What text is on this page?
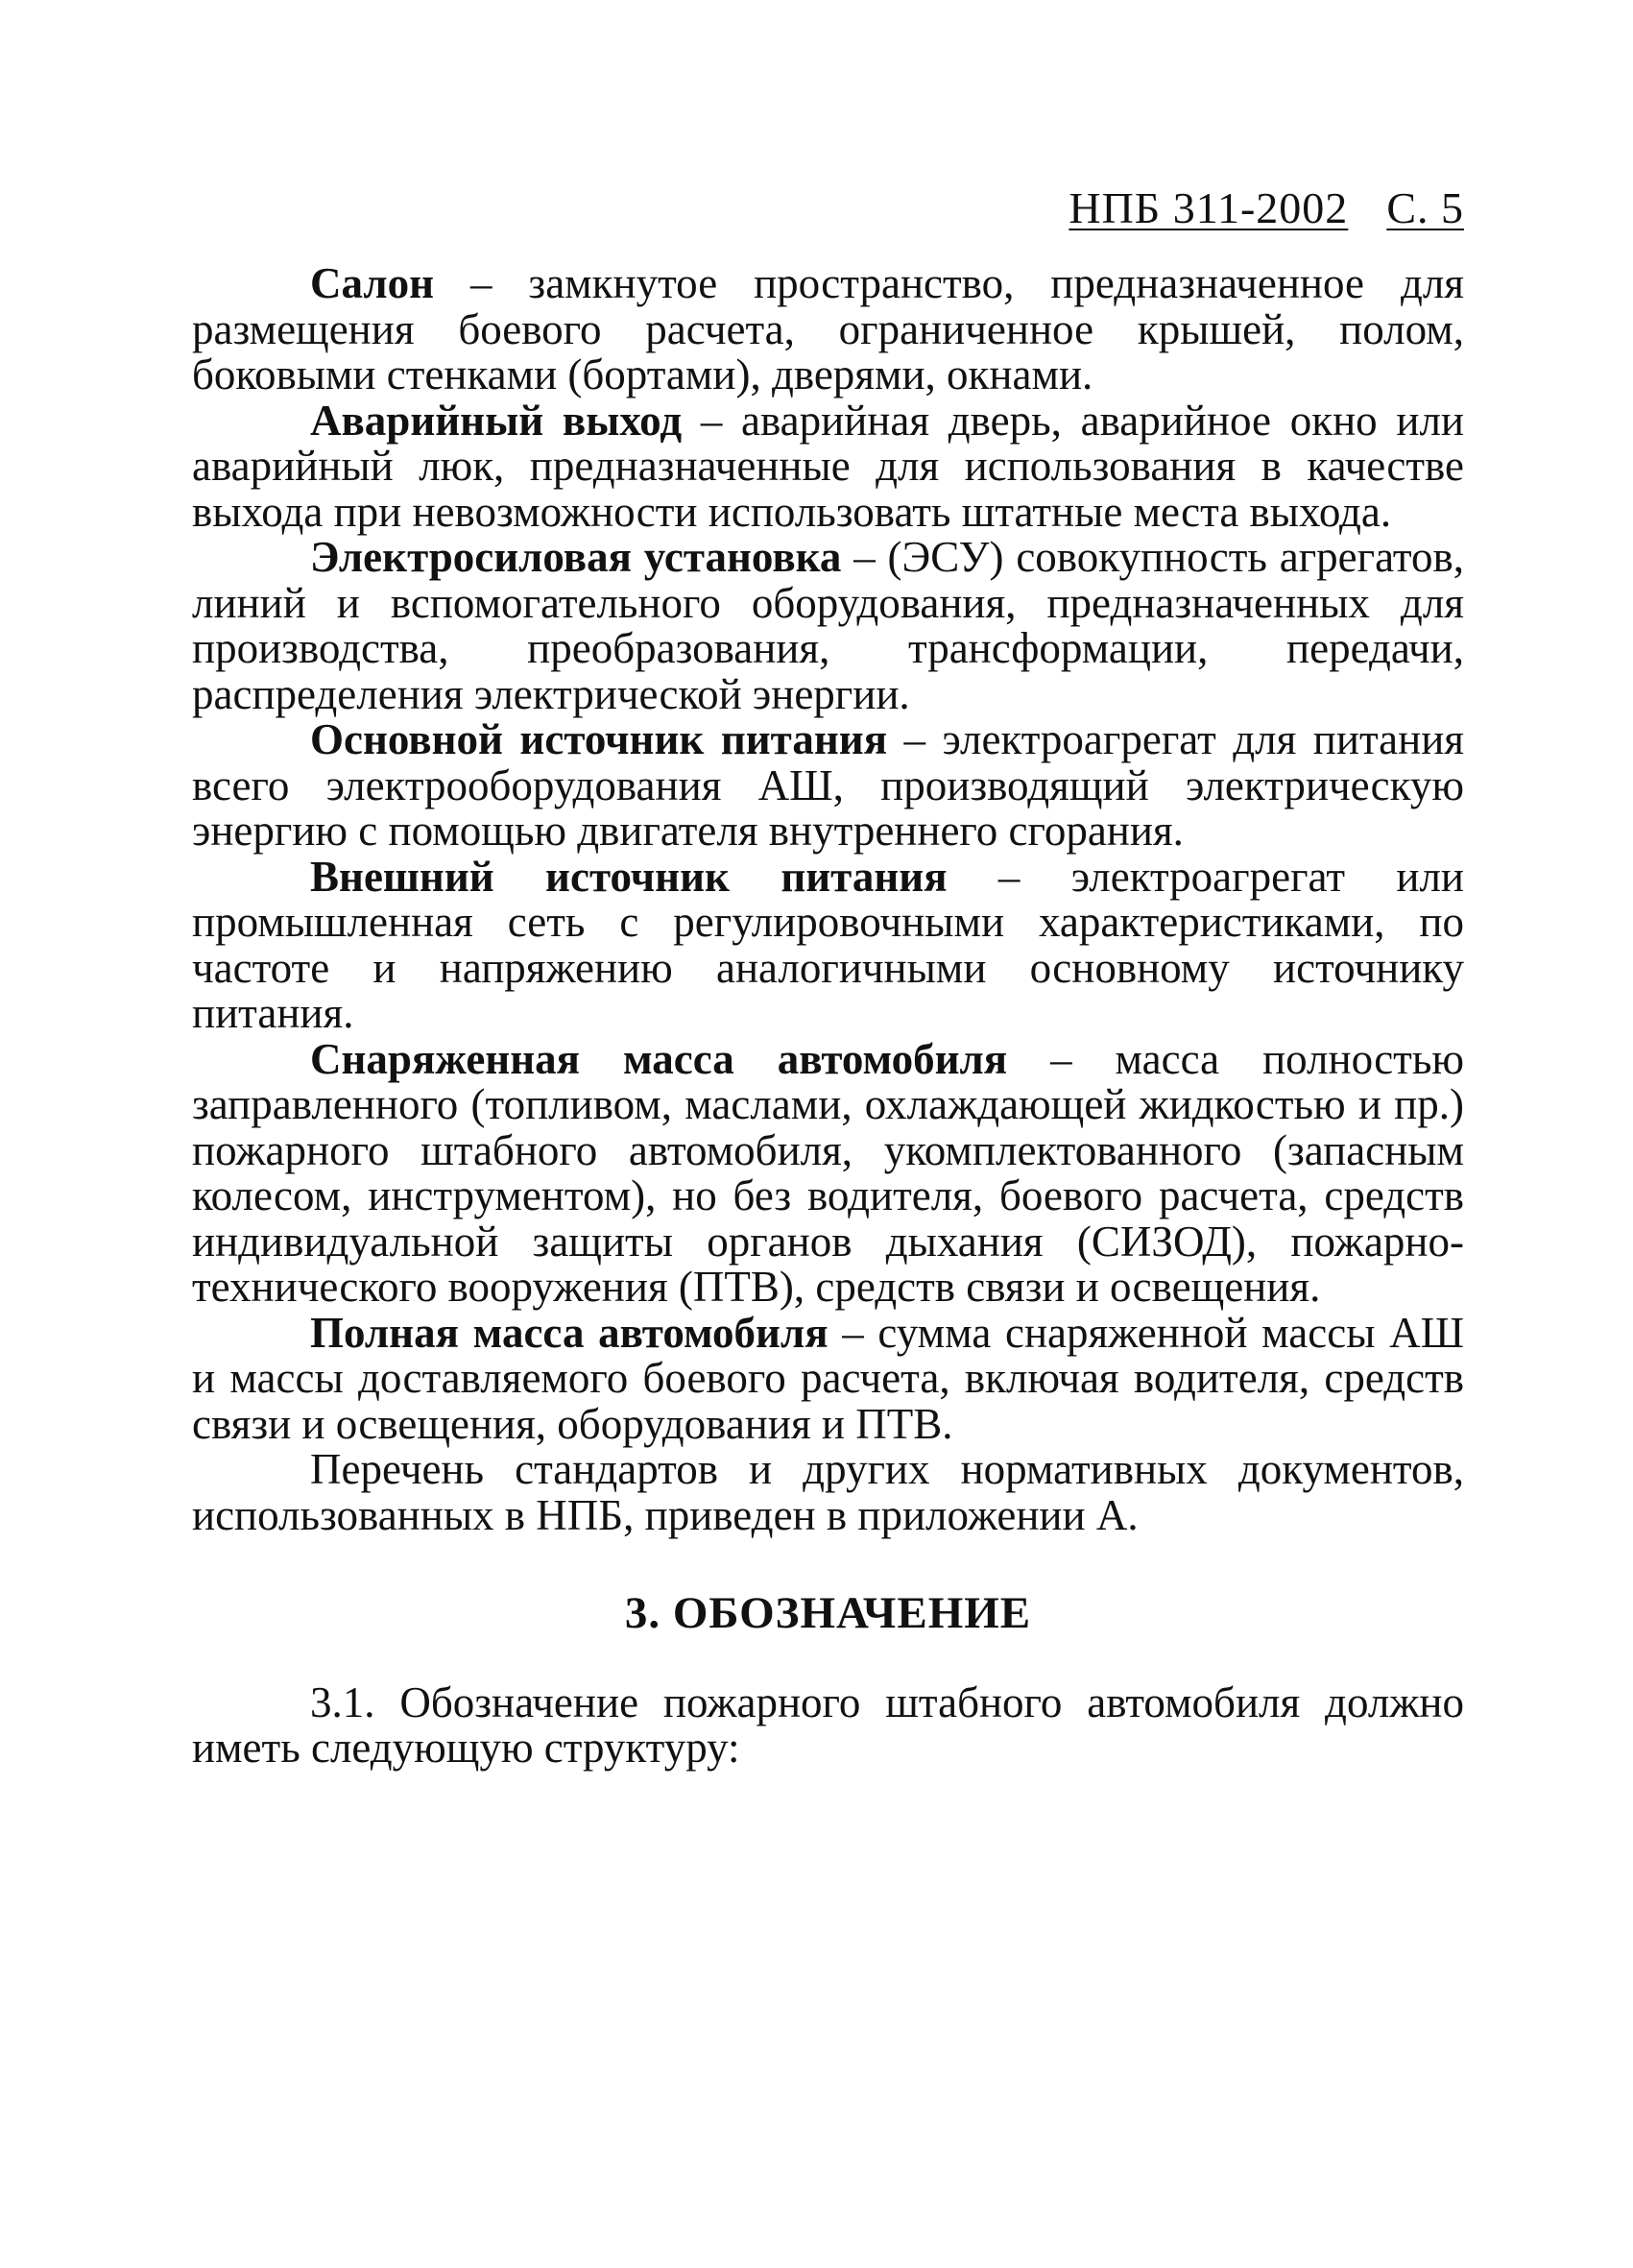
НПБ 311-2002 С. 5

Салон – замкнутое пространство, предназначенное для размещения боевого расчета, ограниченное крышей, полом, боковыми стенками (бортами), дверями, окнами.

Аварийный выход – аварийная дверь, аварийное окно или аварийный люк, предназначенные для использования в качестве выхода при невозможности использовать штатные места выхода.

Электросиловая установка – (ЭСУ) совокупность агрегатов, линий и вспомогательного оборудования, предназначенных для производства, преобразования, трансформации, передачи, распределения электрической энергии.

Основной источник питания – электроагрегат для питания всего электрооборудования АШ, производящий электрическую энергию с помощью двигателя внутреннего сгорания.

Внешний источник питания – электроагрегат или промышленная сеть с регулировочными характеристиками, по частоте и напряжению аналогичными основному источнику питания.

Снаряженная масса автомобиля – масса полностью заправленного (топливом, маслами, охлаждающей жидкостью и пр.) пожарного штабного автомобиля, укомплектованного (запасным колесом, инструментом), но без водителя, боевого расчета, средств индивидуальной защиты органов дыхания (СИЗОД), пожарно-технического вооружения (ПТВ), средств связи и освещения.

Полная масса автомобиля – сумма снаряженной массы АШ и массы доставляемого боевого расчета, включая водителя, средств связи и освещения, оборудования и ПТВ.

Перечень стандартов и других нормативных документов, использованных в НПБ, приведен в приложении А.

3. ОБОЗНАЧЕНИЕ

3.1. Обозначение пожарного штабного автомобиля должно иметь следующую структуру:
